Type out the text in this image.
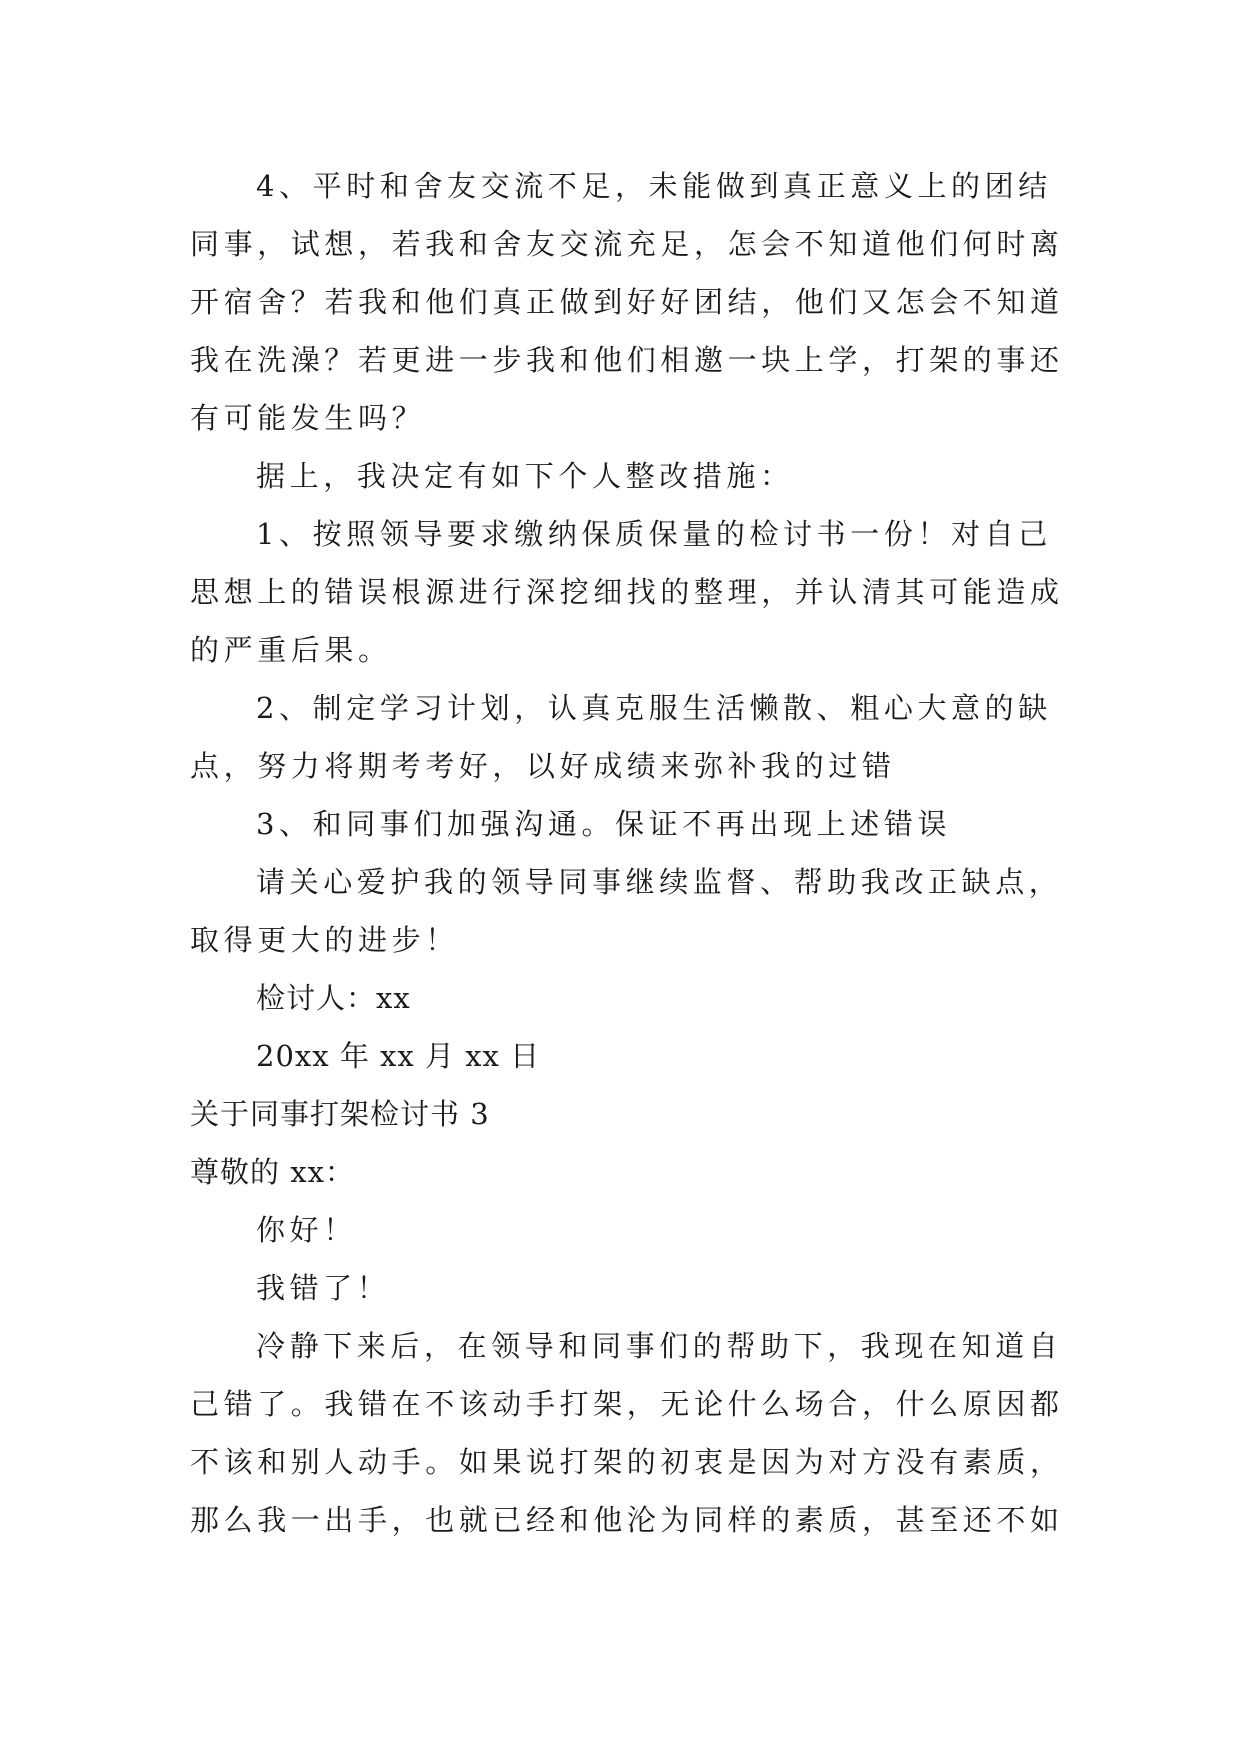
4、平时和舍友交流不足，未能做到真正意义上的团结
同事，试想，若我和舍友交流充足，怎会不知道他们何时离
开宿舍？若我和他们真正做到好好团结，他们又怎会不知道
我在洗澡？若更进一步我和他们相邀一块上学，打架的事还
有可能发生吗？
据上，我决定有如下个人整改措施：
1、按照领导要求缴纳保质保量的检讨书一份！对自己
思想上的错误根源进行深挖细找的整理，并认清其可能造成
的严重后果。
2、制定学习计划，认真克服生活懒散、粗心大意的缺
点，努力将期考考好，以好成绩来弥补我的过错
3、和同事们加强沟通。保证不再出现上述错误
请关心爱护我的领导同事继续监督、帮助我改正缺点，
取得更大的进步！
检讨人：xx
20xx 年 xx 月 xx 日
关于同事打架检讨书 3
尊敬的 xx：
你好！
我错了！
冷静下来后，在领导和同事们的帮助下，我现在知道自
己错了。我错在不该动手打架，无论什么场合，什么原因都
不该和别人动手。如果说打架的初衷是因为对方没有素质，
那么我一出手，也就已经和他沦为同样的素质，甚至还不如
